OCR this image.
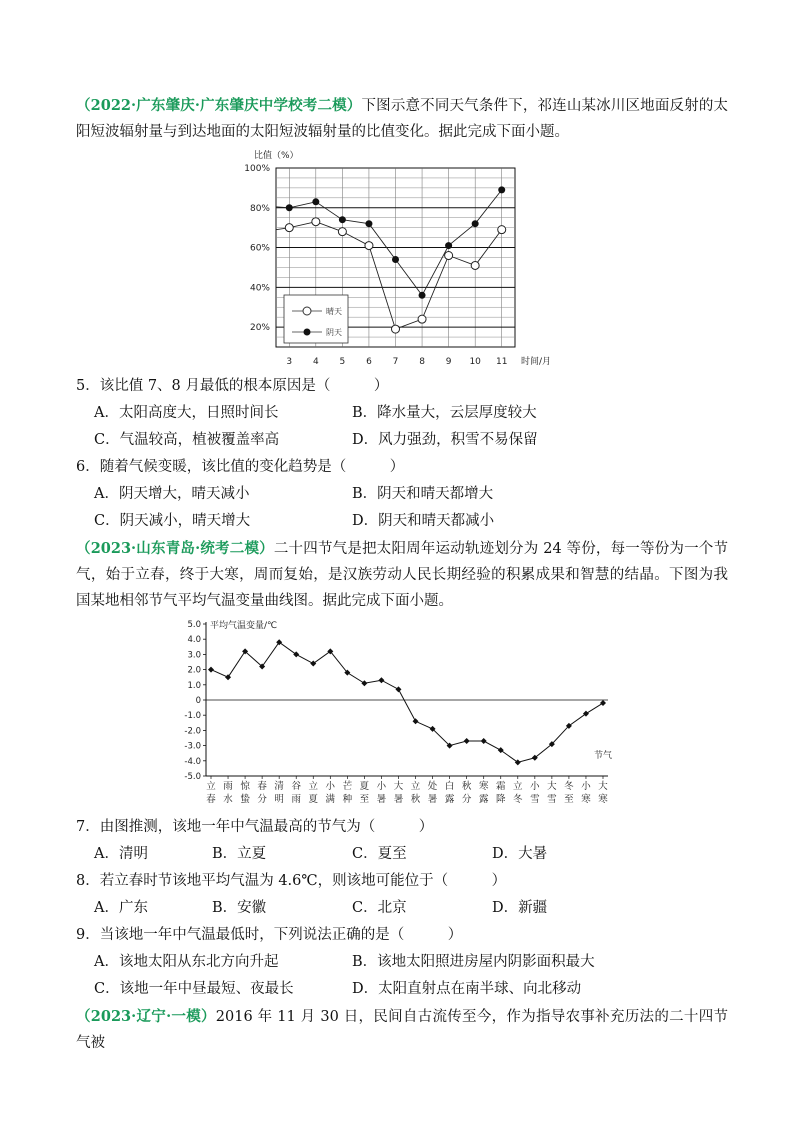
（2022·广东肇庆·广东肇庆中学校考二模）下图示意不同天气条件下，祁连山某冰川区地面反射的太阳短波辐射量与到达地面的太阳短波辐射量的比值变化。据此完成下面小题。
20%
40%
60%
80%
100%
3 4 5 6 7 8 9 10 11
比值（%）
时间/月
晴天
阴天
5．该比值 7、8 月最低的根本原因是（　　　）
A．太阳高度大，日照时间长	B．降水量大，云层厚度较大
C．气温较高，植被覆盖率高	D．风力强劲，积雪不易保留
6．随着气候变暖，该比值的变化趋势是（　　　）
A．阴天增大，晴天减小	B．阴天和晴天都增大
C．阴天减小，晴天增大	D．阴天和晴天都减小
（2023·山东青岛·统考二模）二十四节气是把太阳周年运动轨迹划分为 24 等份，每一等份为一个节气，始于立春，终于大寒，周而复始，是汉族劳动人民长期经验的积累成果和智慧的结晶。下图为我国某地相邻节气平均气温变量曲线图。据此完成下面小题。
-5.0
-4.0
-3.0
-2.0
-1.0
0
1.0
2.0
3.0
4.0
5.0
立
春
雨
水
惊
蛰
春
分
清
明
谷
雨
立
夏
小
满
芒
种
夏
至
小
暑
大
暑
立
秋
处
暑
白
露
秋
分
寒
露
霜
降
立
冬
小
雪
大
雪
冬
至
小
寒
大
寒
平均气温变量/℃
节气
7．由图推测，该地一年中气温最高的节气为（　　　）
A．清明	B．立夏	C．夏至	D．大暑
8．若立春时节该地平均气温为 4.6℃，则该地可能位于（　　　）
A．广东	B．安徽	C．北京	D．新疆
9．当该地一年中气温最低时，下列说法正确的是（　　　）
A．该地太阳从东北方向升起	B．该地太阳照进房屋内阴影面积最大
C．该地一年中昼最短、夜最长	D．太阳直射点在南半球、向北移动
（2023·辽宁·一模）2016 年 11 月 30 日，民间自古流传至今，作为指导农事补充历法的二十四节气被
